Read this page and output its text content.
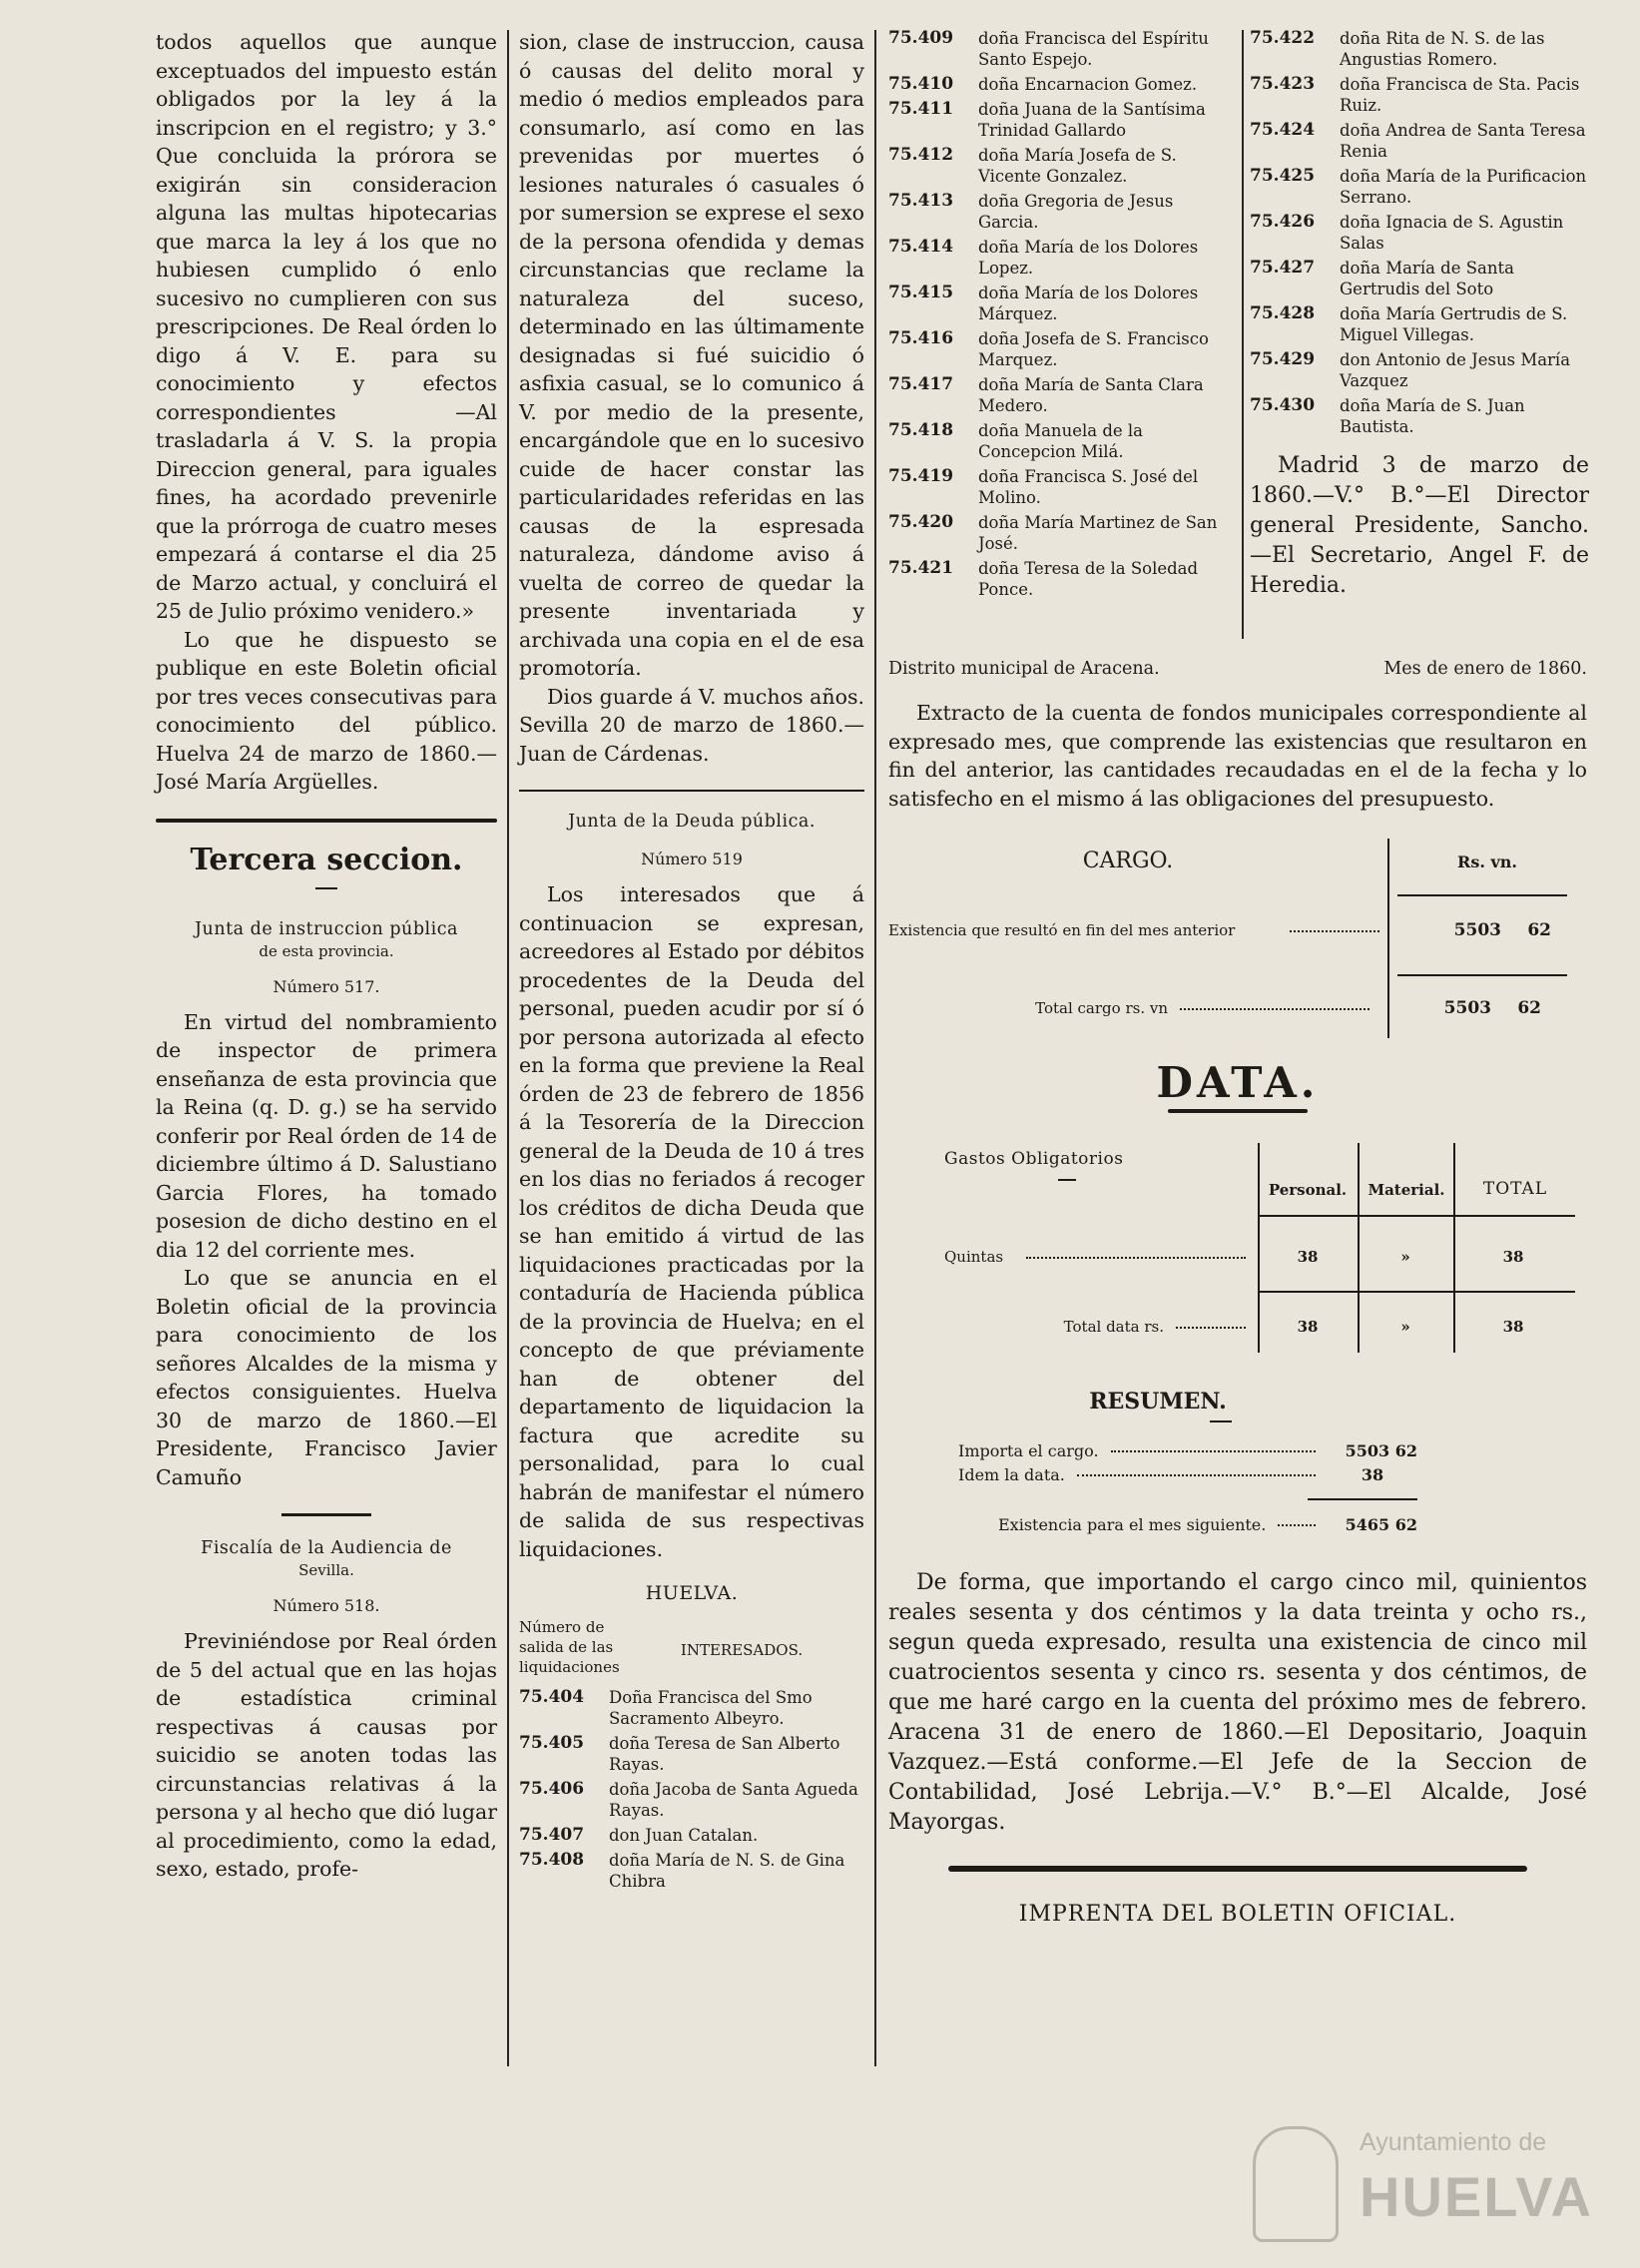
todos aquellos que aunque exceptuados del impuesto están obligados por la ley á la inscripcion en el registro; y 3.° Que concluida la prórora se exigirán sin consideracion alguna las multas hipotecarias que marca la ley á los que no hubiesen cumplido ó enlo sucesivo no cumplieren con sus prescripciones. De Real órden lo digo á V. E. para su conocimiento y efectos correspondientes —Al trasladarla á V. S. la propia Direccion general, para iguales fines, ha acordado prevenirle que la prórroga de cuatro meses empezará á contarse el dia 25 de Marzo actual, y concluirá el 25 de Julio próximo venidero.»

Lo que he dispuesto se publique en este Boletin oficial por tres veces consecutivas para conocimiento del público. Huelva 24 de marzo de 1860.—José María Argüelles.

Tercera seccion.
Junta de instruccion pública
de esta provincia.
Número 517.

En virtud del nombramiento de inspector de primera enseñanza de esta provincia que la Reina (q. D. g.) se ha servido conferir por Real órden de 14 de diciembre último á D. Salustiano Garcia Flores, ha tomado posesion de dicho destino en el dia 12 del corriente mes.

Lo que se anuncia en el Boletin oficial de la provincia para conocimiento de los señores Alcaldes de la misma y efectos consiguientes. Huelva 30 de marzo de 1860.—El Presidente, Francisco Javier Camuño

Fiscalía de la Audiencia de
Sevilla.
Número 518.

Previniéndose por Real órden de 5 del actual que en las hojas de estadística criminal respectivas á causas por suicidio se anoten todas las circunstancias relativas á la persona y al hecho que dió lugar al procedimiento, como la edad, sexo, estado, profe-

sion, clase de instruccion, causa ó causas del delito moral y medio ó medios empleados para consumarlo, así como en las prevenidas por muertes ó lesiones naturales ó casuales ó por sumersion se exprese el sexo de la persona ofendida y demas circunstancias que reclame la naturaleza del suceso, determinado en las últimamente designadas si fué suicidio ó asfixia casual, se lo comunico á V. por medio de la presente, encargándole que en lo sucesivo cuide de hacer constar las particularidades referidas en las causas de la espresada naturaleza, dándome aviso á vuelta de correo de quedar la presente inventariada y archivada una copia en el de esa promotoría.

Dios guarde á V. muchos años. Sevilla 20 de marzo de 1860.—Juan de Cárdenas.

Junta de la Deuda pública.
Número 519

Los interesados que á continuacion se expresan, acreedores al Estado por débitos procedentes de la Deuda del personal, pueden acudir por sí ó por persona autorizada al efecto en la forma que previene la Real órden de 23 de febrero de 1856 á la Tesorería de la Direccion general de la Deuda de 10 á tres en los dias no feriados á recoger los créditos de dicha Deuda que se han emitido á virtud de las liquidaciones practicadas por la contaduría de Hacienda pública de la provincia de Huelva; en el concepto de que préviamente han de obtener del departamento de liquidacion la factura que acredite su personalidad, para lo cual habrán de manifestar el número de salida de sus respectivas liquidaciones.

HUELVA.
Número de salida de las liquidaciones
INTERESADOS.
75.404	Doña Francisca del Smo Sacramento Albeyro.
75.405	doña Teresa de San Alberto Rayas.
75.406	doña Jacoba de Santa Agueda Rayas.
75.407	don Juan Catalan.
75.408	doña María de N. S. de Gina Chibra
75.409	doña Francisca del Espíritu Santo Espejo.
75.410	doña Encarnacion Gomez.
75.411	doña Juana de la Santísima Trinidad Gallardo
75.412	doña María Josefa de S. Vicente Gonzalez.
75.413	doña Gregoria de Jesus Garcia.
75.414	doña María de los Dolores Lopez.
75.415	doña María de los Dolores Márquez.
75.416	doña Josefa de S. Francisco Marquez.
75.417	doña María de Santa Clara Medero.
75.418	doña Manuela de la Concepcion Milá.
75.419	doña Francisca S. José del Molino.
75.420	doña María Martinez de San José.
75.421	doña Teresa de la Soledad Ponce.
75.422	doña Rita de N. S. de las Angustias Romero.
75.423	doña Francisca de Sta. Pacis Ruiz.
75.424	doña Andrea de Santa Teresa Renia
75.425	doña María de la Purificacion Serrano.
75.426	doña Ignacia de S. Agustin Salas
75.427	doña María de Santa Gertrudis del Soto
75.428	doña María Gertrudis de S. Miguel Villegas.
75.429	don Antonio de Jesus María Vazquez
75.430	doña María de S. Juan Bautista.

Madrid 3 de marzo de 1860.—V.° B.°—El Director general Presidente, Sancho. —El Secretario, Angel F. de Heredia.

Distrito municipal de Aracena.	Mes de enero de 1860.

Extracto de la cuenta de fondos municipales correspondiente al expresado mes, que comprende las existencias que resultaron en fin del anterior, las cantidades recaudadas en el de la fecha y lo satisfecho en el mismo á las obligaciones del presupuesto.

CARGO.	Rs. vn.
Existencia que resultó en fin del mes anterior	5503	62
Total cargo rs. vn	5503	62
DATA.
Gastos Obligatorios
Personal.	Material.	TOTAL
Quintas	38	»	38
Total data rs.	38	»	38
RESUMEN.
Importa el cargo.	5503 62
Idem la data.	38
Existencia para el mes siguiente.	5465 62

De forma, que importando el cargo cinco mil, quinientos reales sesenta y dos céntimos y la data treinta y ocho rs., segun queda expresado, resulta una existencia de cinco mil cuatrocientos sesenta y cinco rs. sesenta y dos céntimos, de que me haré cargo en la cuenta del próximo mes de febrero. Aracena 31 de enero de 1860.—El Depositario, Joaquin Vazquez.—Está conforme.—El Jefe de la Seccion de Contabilidad, José Lebrija.—V.° B.°—El Alcalde, José Mayorgas.

IMPRENTA DEL BOLETIN OFICIAL.
Ayuntamiento de
HUELVA
